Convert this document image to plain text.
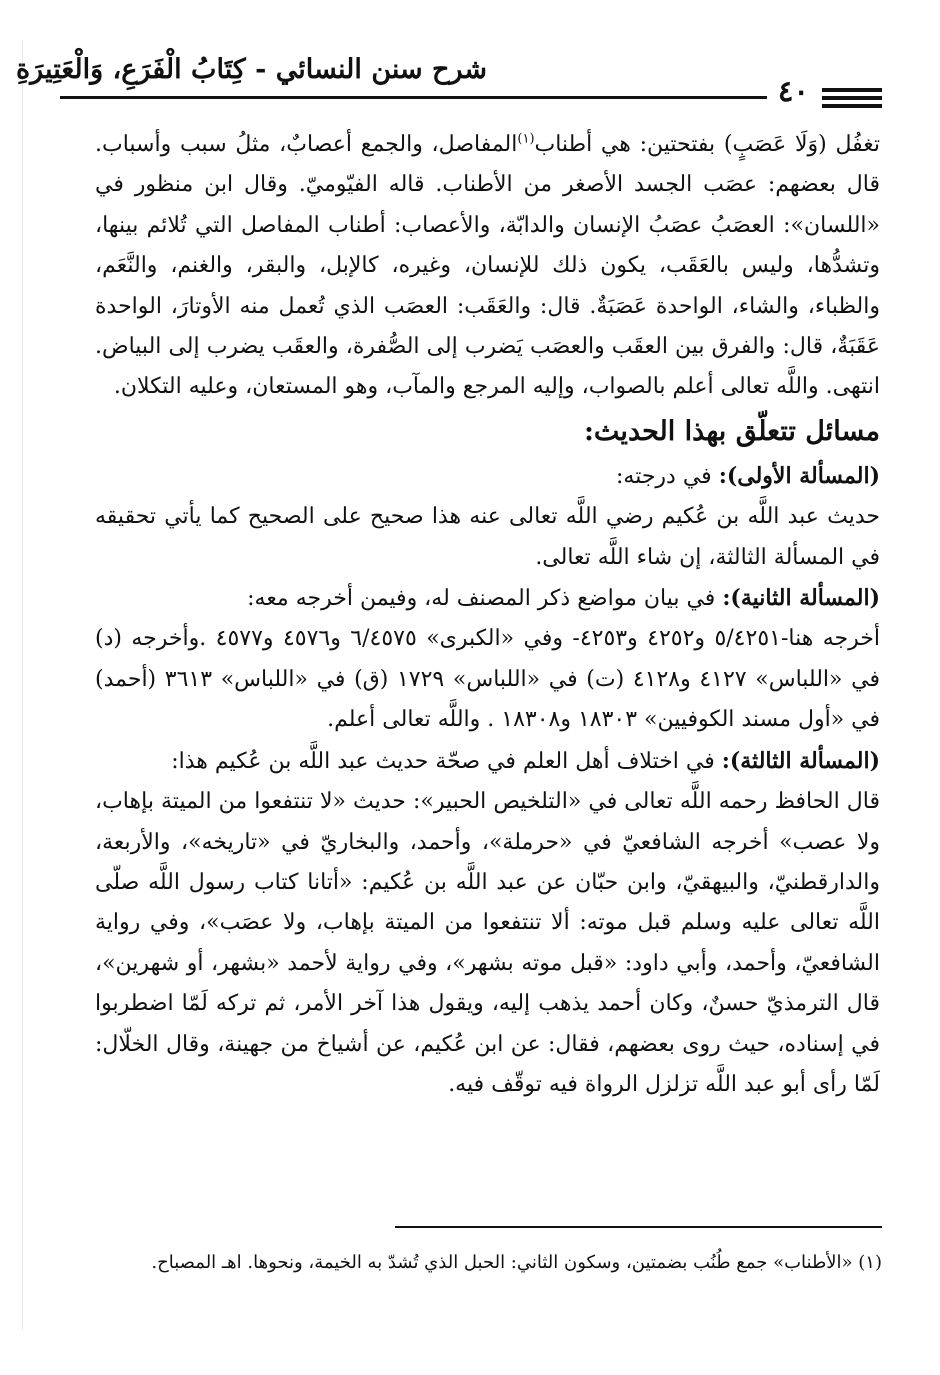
شرح سنن النسائي - كِتَابُ الْفَرَعِ، وَالْعَتِيرَةِ
٤٠

تغفُل (وَلَا عَصَبٍ) بفتحتين: هي أطناب$^{(١)}$المفاصل، والجمع أعصابٌ، مثلُ سبب وأسباب. قال بعضهم: عصَب الجسد الأصغر من الأطناب. قاله الفيّوميّ. وقال ابن منظور في «اللسان»: العصَبُ عصَبُ الإنسان والدابّة، والأعصاب: أطناب المفاصل التي تُلائم بينها، وتشدُّها، وليس بالعَقَب، يكون ذلك للإنسان، وغيره، كالإبل، والبقر، والغنم، والنَّعَم، والظباء، والشاء، الواحدة عَصَبَةٌ. قال: والعَقَب: العصَب الذي تُعمل منه الأوتارَ، الواحدة عَقَبَةٌ، قال: والفرق بين العقَب والعصَب يَضرب إلى الصُّفرة، والعقَب يضرب إلى البياض. انتهى. واللَّه تعالى أعلم بالصواب، وإليه المرجع والمآب، وهو المستعان، وعليه التكلان.

مسائل تتعلّق بهذا الحديث:

(المسألة الأولى): في درجته:

حديث عبد اللَّه بن عُكيم رضي اللَّه تعالى عنه هذا صحيح على الصحيح كما يأتي تحقيقه في المسألة الثالثة، إن شاء اللَّه تعالى.

(المسألة الثانية): في بيان مواضع ذكر المصنف له، وفيمن أخرجه معه:

أخرجه هنا-٥/٤٢٥١ و٤٢٥٢ و٤٢٥٣- وفي «الكبرى» ٦/٤٥٧٥ و٤٥٧٦ و٤٥٧٧ .وأخرجه (د) في «اللباس» ٤١٢٧ و٤١٢٨ (ت) في «اللباس» ١٧٢٩ (ق) في «اللباس» ٣٦١٣ (أحمد) في «أول مسند الكوفيين» ١٨٣٠٣ و١٨٣٠٨ . واللَّه تعالى أعلم.

(المسألة الثالثة): في اختلاف أهل العلم في صحّة حديث عبد اللَّه بن عُكيم هذا:

قال الحافظ رحمه اللَّه تعالى في «التلخيص الحبير»: حديث «لا تنتفعوا من الميتة بإهاب، ولا عصب» أخرجه الشافعيّ في «حرملة»، وأحمد، والبخاريّ في «تاريخه»، والأربعة، والدارقطنيّ، والبيهقيّ، وابن حبّان عن عبد اللَّه بن عُكيم: «أتانا كتاب رسول اللَّه صلّى اللَّه تعالى عليه وسلم قبل موته: ألا تنتفعوا من الميتة بإهاب، ولا عصَب»، وفي رواية الشافعيّ، وأحمد، وأبي داود: «قبل موته بشهر»، وفي رواية لأحمد «بشهر، أو شهرين»، قال الترمذيّ حسنٌ، وكان أحمد يذهب إليه، ويقول هذا آخر الأمر، ثم تركه لَمّا اضطربوا في إسناده، حيث روى بعضهم، فقال: عن ابن عُكيم، عن أشياخ من جهينة، وقال الخلّال: لَمّا رأى أبو عبد اللَّه تزلزل الرواة فيه توقّف فيه.

(١) «الأطناب» جمع طُنُب بضمتين، وسكون الثاني: الحبل الذي تُشدّ به الخيمة، ونحوها. اهـ المصباح.
